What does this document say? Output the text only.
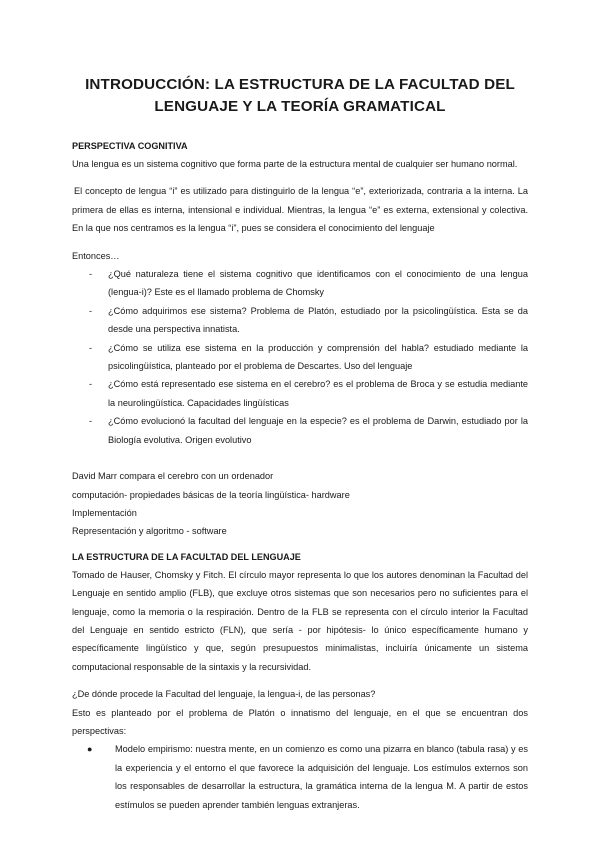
INTRODUCCIÓN: LA ESTRUCTURA DE LA FACULTAD DEL LENGUAJE Y LA TEORÍA GRAMATICAL
PERSPECTIVA COGNITIVA

Una lengua es un sistema cognitivo que forma parte de la estructura mental de cualquier ser humano normal.

El concepto de lengua “i” es utilizado para distinguirlo de la lengua “e”, exteriorizada, contraria a la interna. La primera de ellas es interna, intensional e individual. Mientras, la lengua “e” es externa, extensional y colectiva. En la que nos centramos es la lengua “i”, pues se considera el conocimiento del lenguaje

Entonces…

- ¿Qué naturaleza tiene el sistema cognitivo que identificamos con el conocimiento de una lengua (lengua-i)? Este es el llamado problema de Chomsky
- ¿Cómo adquirimos ese sistema? Problema de Platón, estudiado por la psicolingüística. Esta se da desde una perspectiva innatista.
- ¿Cómo se utiliza ese sistema en la producción y comprensión del habla? estudiado mediante la psicolingüística, planteado por el problema de Descartes. Uso del lenguaje
- ¿Cómo está representado ese sistema en el cerebro? es el problema de Broca y se estudia mediante la neurolingüística. Capacidades lingüísticas
- ¿Cómo evolucionó la facultad del lenguaje en la especie? es el problema de Darwin, estudiado por la Biología evolutiva. Origen evolutivo

David Marr compara el cerebro con un ordenador

computación- propiedades básicas de la teoría lingüística- hardware

Implementación

Representación y algoritmo - software

LA ESTRUCTURA DE LA FACULTAD DEL LENGUAJE

Tomado de Hauser, Chomsky y Fitch. El círculo mayor representa lo que los autores denominan la Facultad del Lenguaje en sentido amplio (FLB), que excluye otros sistemas que son necesarios pero no suficientes para el lenguaje, como la memoria o la respiración. Dentro de la FLB se representa con el círculo interior la Facultad del Lenguaje en sentido estricto (FLN), que sería - por hipótesis- lo único específicamente humano y específicamente lingüístico y que, según presupuestos minimalistas, incluiría únicamente un sistema computacional responsable de la sintaxis y la recursividad.

¿De dónde procede la Facultad del lenguaje, la lengua-i, de las personas?

Esto es planteado por el problema de Platón o innatismo del lenguaje, en el que se encuentran dos perspectivas:

● Modelo empirismo: nuestra mente, en un comienzo es como una pizarra en blanco (tabula rasa) y es la experiencia y el entorno el que favorece la adquisición del lenguaje. Los estímulos externos son los responsables de desarrollar la estructura, la gramática interna de la lengua M. A partir de estos estímulos se pueden aprender también lenguas extranjeras.
